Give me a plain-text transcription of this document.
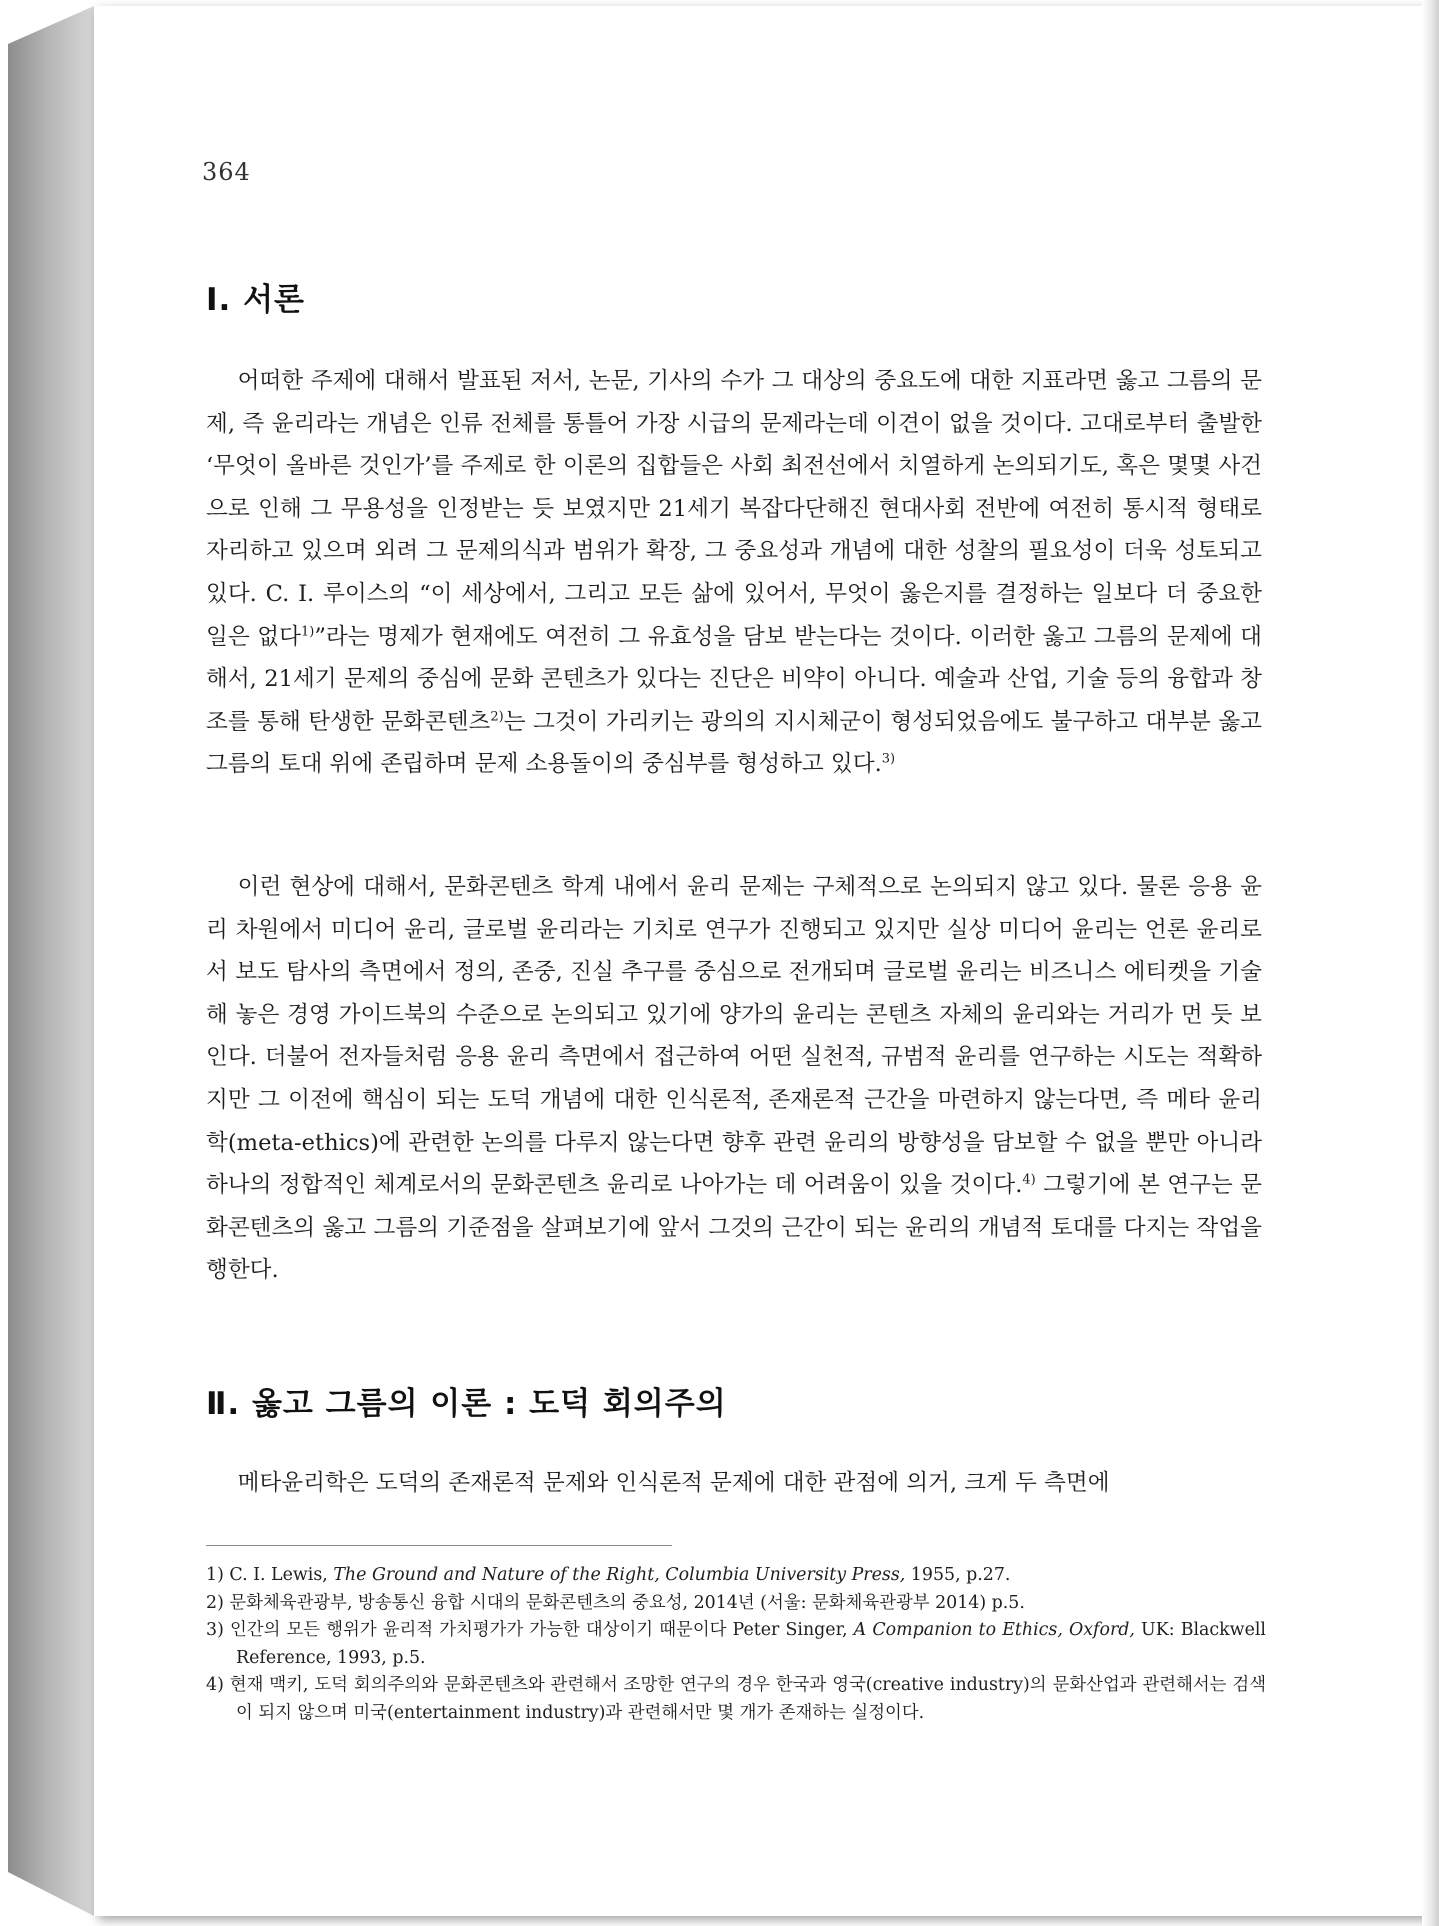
364
Ⅰ. 서론

어떠한 주제에 대해서 발표된 저서, 논문, 기사의 수가 그 대상의 중요도에 대한 지표라면 옳고 그름의 문제, 즉 윤리라는 개념은 인류 전체를 통틀어 가장 시급의 문제라는데 이견이 없을 것이다. 고대로부터 출발한 ‘무엇이 올바른 것인가’를 주제로 한 이론의 집합들은 사회 최전선에서 치열하게 논의되기도, 혹은 몇몇 사건으로 인해 그 무용성을 인정받는 듯 보였지만 21세기 복잡다단해진 현대사회 전반에 여전히 통시적 형태로 자리하고 있으며 외려 그 문제의식과 범위가 확장, 그 중요성과 개념에 대한 성찰의 필요성이 더욱 성토되고 있다. C. I. 루이스의 “이 세상에서, 그리고 모든 삶에 있어서, 무엇이 옳은지를 결정하는 일보다 더 중요한 일은 없다$^{1)}$”라는 명제가 현재에도 여전히 그 유효성을 담보 받는다는 것이다. 이러한 옳고 그름의 문제에 대해서, 21세기 문제의 중심에 문화 콘텐츠가 있다는 진단은 비약이 아니다. 예술과 산업, 기술 등의 융합과 창조를 통해 탄생한 문화콘텐츠$^{2)}$는 그것이 가리키는 광의의 지시체군이 형성되었음에도 불구하고 대부분 옳고 그름의 토대 위에 존립하며 문제 소용돌이의 중심부를 형성하고 있다.$^{3)}$

이런 현상에 대해서, 문화콘텐츠 학계 내에서 윤리 문제는 구체적으로 논의되지 않고 있다. 물론 응용 윤리 차원에서 미디어 윤리, 글로벌 윤리라는 기치로 연구가 진행되고 있지만 실상 미디어 윤리는 언론 윤리로서 보도 탐사의 측면에서 정의, 존중, 진실 추구를 중심으로 전개되며 글로벌 윤리는 비즈니스 에티켓을 기술해 놓은 경영 가이드북의 수준으로 논의되고 있기에 양가의 윤리는 콘텐츠 자체의 윤리와는 거리가 먼 듯 보인다. 더불어 전자들처럼 응용 윤리 측면에서 접근하여 어떤 실천적, 규범적 윤리를 연구하는 시도는 적확하지만 그 이전에 핵심이 되는 도덕 개념에 대한 인식론적, 존재론적 근간을 마련하지 않는다면, 즉 메타 윤리학(meta-ethics)에 관련한 논의를 다루지 않는다면 향후 관련 윤리의 방향성을 담보할 수 없을 뿐만 아니라 하나의 정합적인 체계로서의 문화콘텐츠 윤리로 나아가는 데 어려움이 있을 것이다.$^{4)}$ 그렇기에 본 연구는 문화콘텐츠의 옳고 그름의 기준점을 살펴보기에 앞서 그것의 근간이 되는 윤리의 개념적 토대를 다지는 작업을 행한다.

Ⅱ. 옳고 그름의 이론 : 도덕 회의주의

메타윤리학은 도덕의 존재론적 문제와 인식론적 문제에 대한 관점에 의거, 크게 두 측면에

1) C. I. Lewis, The Ground and Nature of the Right, Columbia University Press, 1955, p.27.
2) 문화체육관광부, 방송통신 융합 시대의 문화콘텐츠의 중요성, 2014년 (서울: 문화체육관광부 2014) p.5.
3) 인간의 모든 행위가 윤리적 가치평가가 가능한 대상이기 때문이다 Peter Singer, A Companion to Ethics, Oxford, UK: Blackwell Reference, 1993, p.5.
4) 현재 맥키, 도덕 회의주의와 문화콘텐츠와 관련해서 조망한 연구의 경우 한국과 영국(creative industry)의 문화산업과 관련해서는 검색이 되지 않으며 미국(entertainment industry)과 관련해서만 몇 개가 존재하는 실정이다.
